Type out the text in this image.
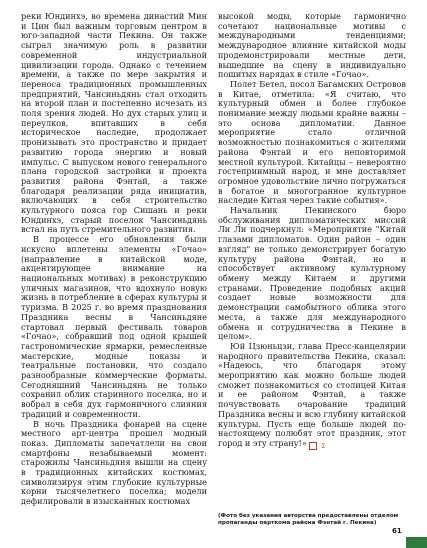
реки Юндинхэ, во времена династий Мин и Цин был важным торговым центром в юго-западной части Пекина. Он также сыграл значимую роль в развитии современной индустриальной цивилизации города. Однако с течением времени, а также по мере закрытия и переноса традиционных промышленных предприятий, Чансиньдянь стал отходить на второй план и постепенно исчезать из поля зрения людей. Но дух старых улиц и переулков, впитавших в себя историческое наследие, продолжает пронизывать это пространство и придает развитию города энергию и новый импульс. С выпуском нового генерального плана городской застройки и проекта развития района Фэнтай, а также благодаря реализации ряда инициатив, включающих в себя строительство культурного пояса гор Сишань и реки Юндинхэ, старый поселок Чансиньдянь встал на путь стремительного развития.

В процессе его обновления были искусно вплетены элементы «Гочао» (направление в китайской моде, акцентирующее внимание на национальных мотивах) в реконструкцию уличных магазинов, что вдохнуло новую жизнь в потребление в сферах культуры и туризма. В 2025 г. во время празднования Праздника весны в Чансиньдяне стартовал первый фестиваль товаров «Гочао», собравший под одной крышей гастрономические ярмарки, ремесленные мастерские, модные показы и театральные постановки, что создало разнообразные коммерческие форматы. Сегодняшний Чансиньдянь не только сохранил облик старинного поселка, но и вобрал в себя дух гармоничного слияния традиций и современности.

В ночь Праздника фонарей на сцене местного арт-центра прошел модный показ. Дипломаты запечатлели на свои смартфоны незабываемый момент: старожилы Чансиньдяня вышли на сцену в традиционных китайских костюмах, символизируя этим глубокие культурные корни тысячелетнего поселка; модели дефилировали в изысканных костюмах

высокой моды, которые гармонично сочетают национальные мотивы с международными тенденциями; международное влияние китайской моды продемонстрировали местные дети, вышедшие на сцену в индивидуально пошитых нарядах в стиле «Гочао».

Полет Бетел, посол Багамских Островов в Китае, отметила: «Я считаю, что культурный обмен и более глубокое понимание между людьми крайне важны – это основа дипломатии. Данное мероприятие стало отличной возможностью познакомиться с жителями района Фэнтай и его неповторимой местной культурой. Китайцы – невероятно гостеприимный народ, и мне доставляет огромное удовольствие лично погружаться в богатое и многогранное культурное наследие Китая через такие события».

Начальник Пекинского бюро обслуживания дипломатических миссий Ли Ли подчеркнул: «Мероприятие "Китай глазами дипломатов. Один район – один взгляд" не только демонстрирует богатую культуру района Фэнтай, но и способствует активному культурному обмену между Китаем и другими странами. Проведение подобных акций создает новые возможности для демонстрации самобытного облика этого места, а также для международного обмена и сотрудничества в Пекине в целом».

Юй Цзюньцзи, глава Пресс-канцелярии народного правительства Пекина, сказал: «Надеюсь, что благодаря этому мероприятию как можно больше людей сможет познакомиться со столицей Китая и ее районом Фэнтай, а также почувствовать очарование традиций Праздника весны и всю глубину китайской культуры. Пусть еще больше людей по-настоящему полюбят этот праздник, этот город и эту страну!»	∑

(Фото без указания авторства предоставлены отделом пропаганды парткома района Фэнтай г. Пекина)
61
